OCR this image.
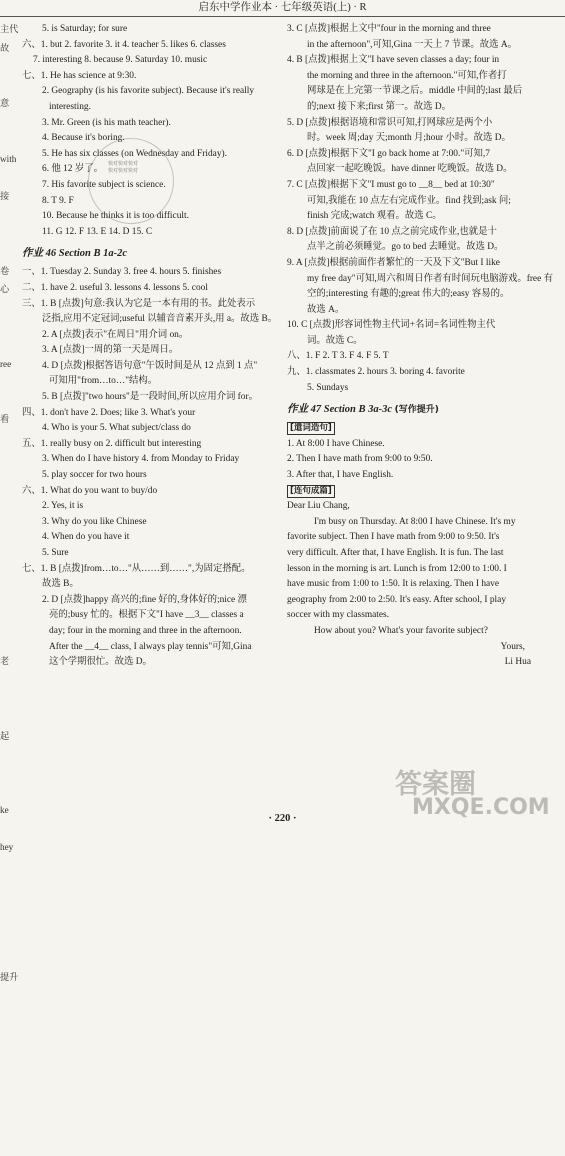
启东中学作业本 · 七年级英语(上) · R
主代
故
意
with
接
卷
心
ree
看
老
起
ke
hey
提升
5. is Saturday; for sure
六、1. but 2. favorite 3. it 4. teacher 5. likes 6. classes
7. interesting 8. because 9. Saturday 10. music
七、1. He has science at 9:30.
2. Geography (is his favorite subject). Because it's really
interesting.
3. Mr. Green (is his math teacher).
4. Because it's boring.
5. He has six classes (on Wednesday and Friday).
6. 他 12 岁了。
7. His favorite subject is science.
8. T 9. F
10. Because he thinks it is too difficult.
11. G 12. F 13. E 14. D 15. C
作业 46 Section B 1a-2c
一、1. Tuesday 2. Sunday 3. free 4. hours 5. finishes
二、1. have 2. useful 3. lessons 4. lessons 5. cool
三、1. B [点拨]句意:我认为它是一本有用的书。此处表示
泛指,应用不定冠词;useful 以辅音音素开头,用 a。故选 B。
2. A [点拨]表示"在周日"用介词 on。
3. A [点拨]一周的第一天是周日。
4. D [点拨]根据答语句意"午饭时间是从 12 点到 1 点"
可知用"from…to…"结构。
5. B [点拨]"two hours"是一段时间,所以应用介词 for。
四、1. don't have 2. Does; like 3. What's your
4. Who is your 5. What subject/class do
五、1. really busy on 2. difficult but interesting
3. When do I have history 4. from Monday to Friday
5. play soccer for two hours
六、1. What do you want to buy/do
2. Yes, it is
3. Why do you like Chinese
4. When do you have it
5. Sure
七、1. B [点拨]from…to…"从……到……",为固定搭配。
故选 B。
2. D [点拨]happy 高兴的;fine 好的,身体好的;nice 漂
亮的;busy 忙的。根据下文"I have __3__ classes a
day; four in the morning and three in the afternoon.
After the __4__ class, I always play tennis"可知,Gina
这个学期很忙。故选 D。
3. C [点拨]根据上文中"four in the morning and three
in the afternoon",可知,Gina 一天上 7 节课。故选 A。
4. B [点拨]根据上文"I have seven classes a day; four in
the morning and three in the afternoon."可知,作者打
网球是在上完第一节课之后。middle 中间的;last 最后
的;next 接下来;first 第一。故选 D。
5. D [点拨]根据语境和常识可知,打网球应是两个小
时。week 周;day 天;month 月;hour 小时。故选 D。
6. D [点拨]根据下文"I go back home at 7:00."可知,7
点回家一起吃晚饭。have dinner 吃晚饭。故选 D。
7. C [点拨]根据下文"I must go to __8__ bed at 10:30"
可知,我能在 10 点左右完成作业。find 找到;ask 问;
finish 完成;watch 观看。故选 C。
8. D [点拨]前面说了在 10 点之前完成作业,也就是十
点半之前必须睡觉。go to bed 去睡觉。故选 D。
9. A [点拨]根据前面作者繁忙的一天及下文"But I like
my free day"可知,周六和周日作者有时间玩电脑游戏。free 有
空的;interesting 有趣的;great 伟大的;easy 容易的。
故选 A。
10. C [点拨]形容词性物主代词+名词=名词性物主代
词。故选 C。
八、1. F 2. T 3. F 4. F 5. T
九、1. classmates 2. hours 3. boring 4. favorite
5. Sundays
作业 47 Section B 3a-3c (写作提升)
[遣词造句]
1. At 8:00 I have Chinese.
2. Then I have math from 9:00 to 9:50.
3. After that, I have English.
[连句成篇]
Dear Liu Chang,
I'm busy on Thursday. At 8:00 I have Chinese. It's my
favorite subject. Then I have math from 9:00 to 9:50. It's
very difficult. After that, I have English. It is fun. The last
lesson in the morning is art. Lunch is from 12:00 to 1:00. I
have music from 1:00 to 1:50. It is relaxing. Then I have
geography from 2:00 to 2:50. It's easy. After school, I play
soccer with my classmates.
How about you? What's your favorite subject?
Yours,
Li Hua
快对快对快对
快对快对快对
答案圈
MXQE.COM
· 220 ·
